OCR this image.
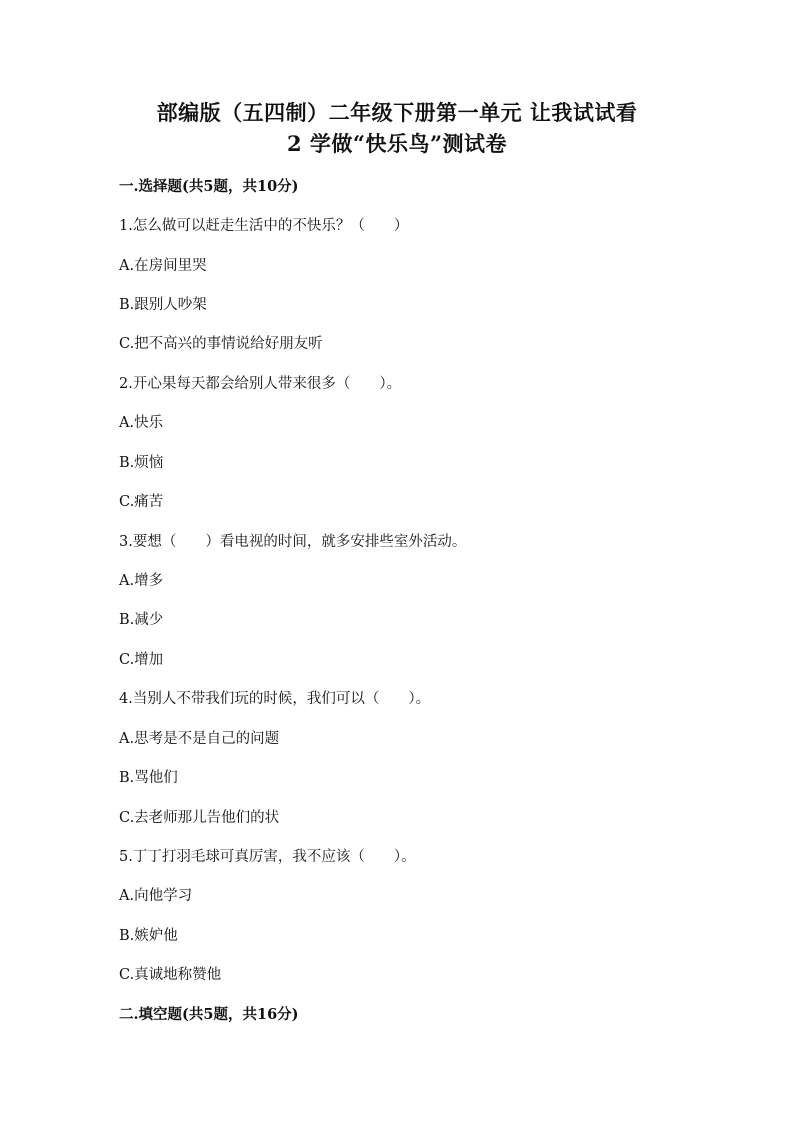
部编版（五四制）二年级下册第一单元 让我试试看
2 学做“快乐鸟”测试卷
一.选择题(共5题，共10分)
1.怎么做可以赶走生活中的不快乐？（　　）
A.在房间里哭
B.跟别人吵架
C.把不高兴的事情说给好朋友听
2.开心果每天都会给别人带来很多（　　）。
A.快乐
B.烦恼
C.痛苦
3.要想（　　）看电视的时间，就多安排些室外活动。
A.增多
B.减少
C.增加
4.当别人不带我们玩的时候，我们可以（　　）。
A.思考是不是自己的问题
B.骂他们
C.去老师那儿告他们的状
5.丁丁打羽毛球可真厉害，我不应该（　　）。
A.向他学习
B.嫉妒他
C.真诚地称赞他
二.填空题(共5题，共16分)
